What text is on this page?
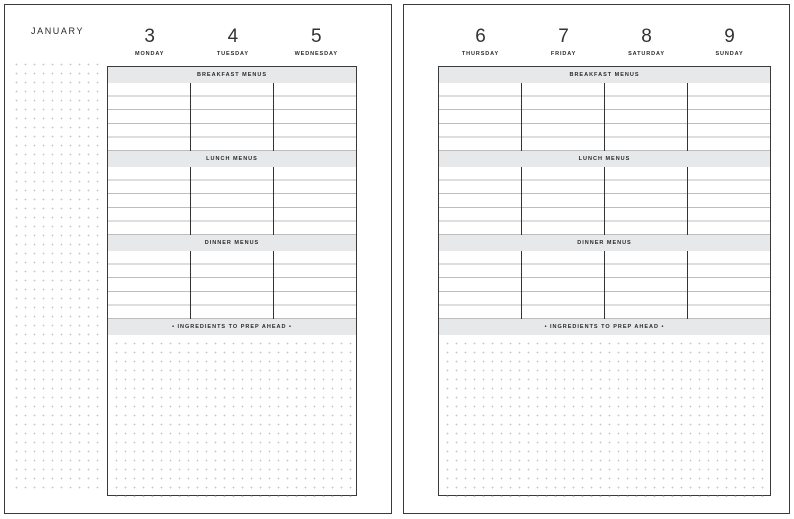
JANUARY	3
MONDAY
4
TUESDAY
5
WEDNESDAY
BREAKFAST MENUS
LUNCH MENUS
DINNER MENUS
• INGREDIENTS TO PREP AHEAD •
6
THURSDAY
7
FRIDAY
8
SATURDAY
9
SUNDAY
BREAKFAST MENUS
LUNCH MENUS
DINNER MENUS
• INGREDIENTS TO PREP AHEAD •
